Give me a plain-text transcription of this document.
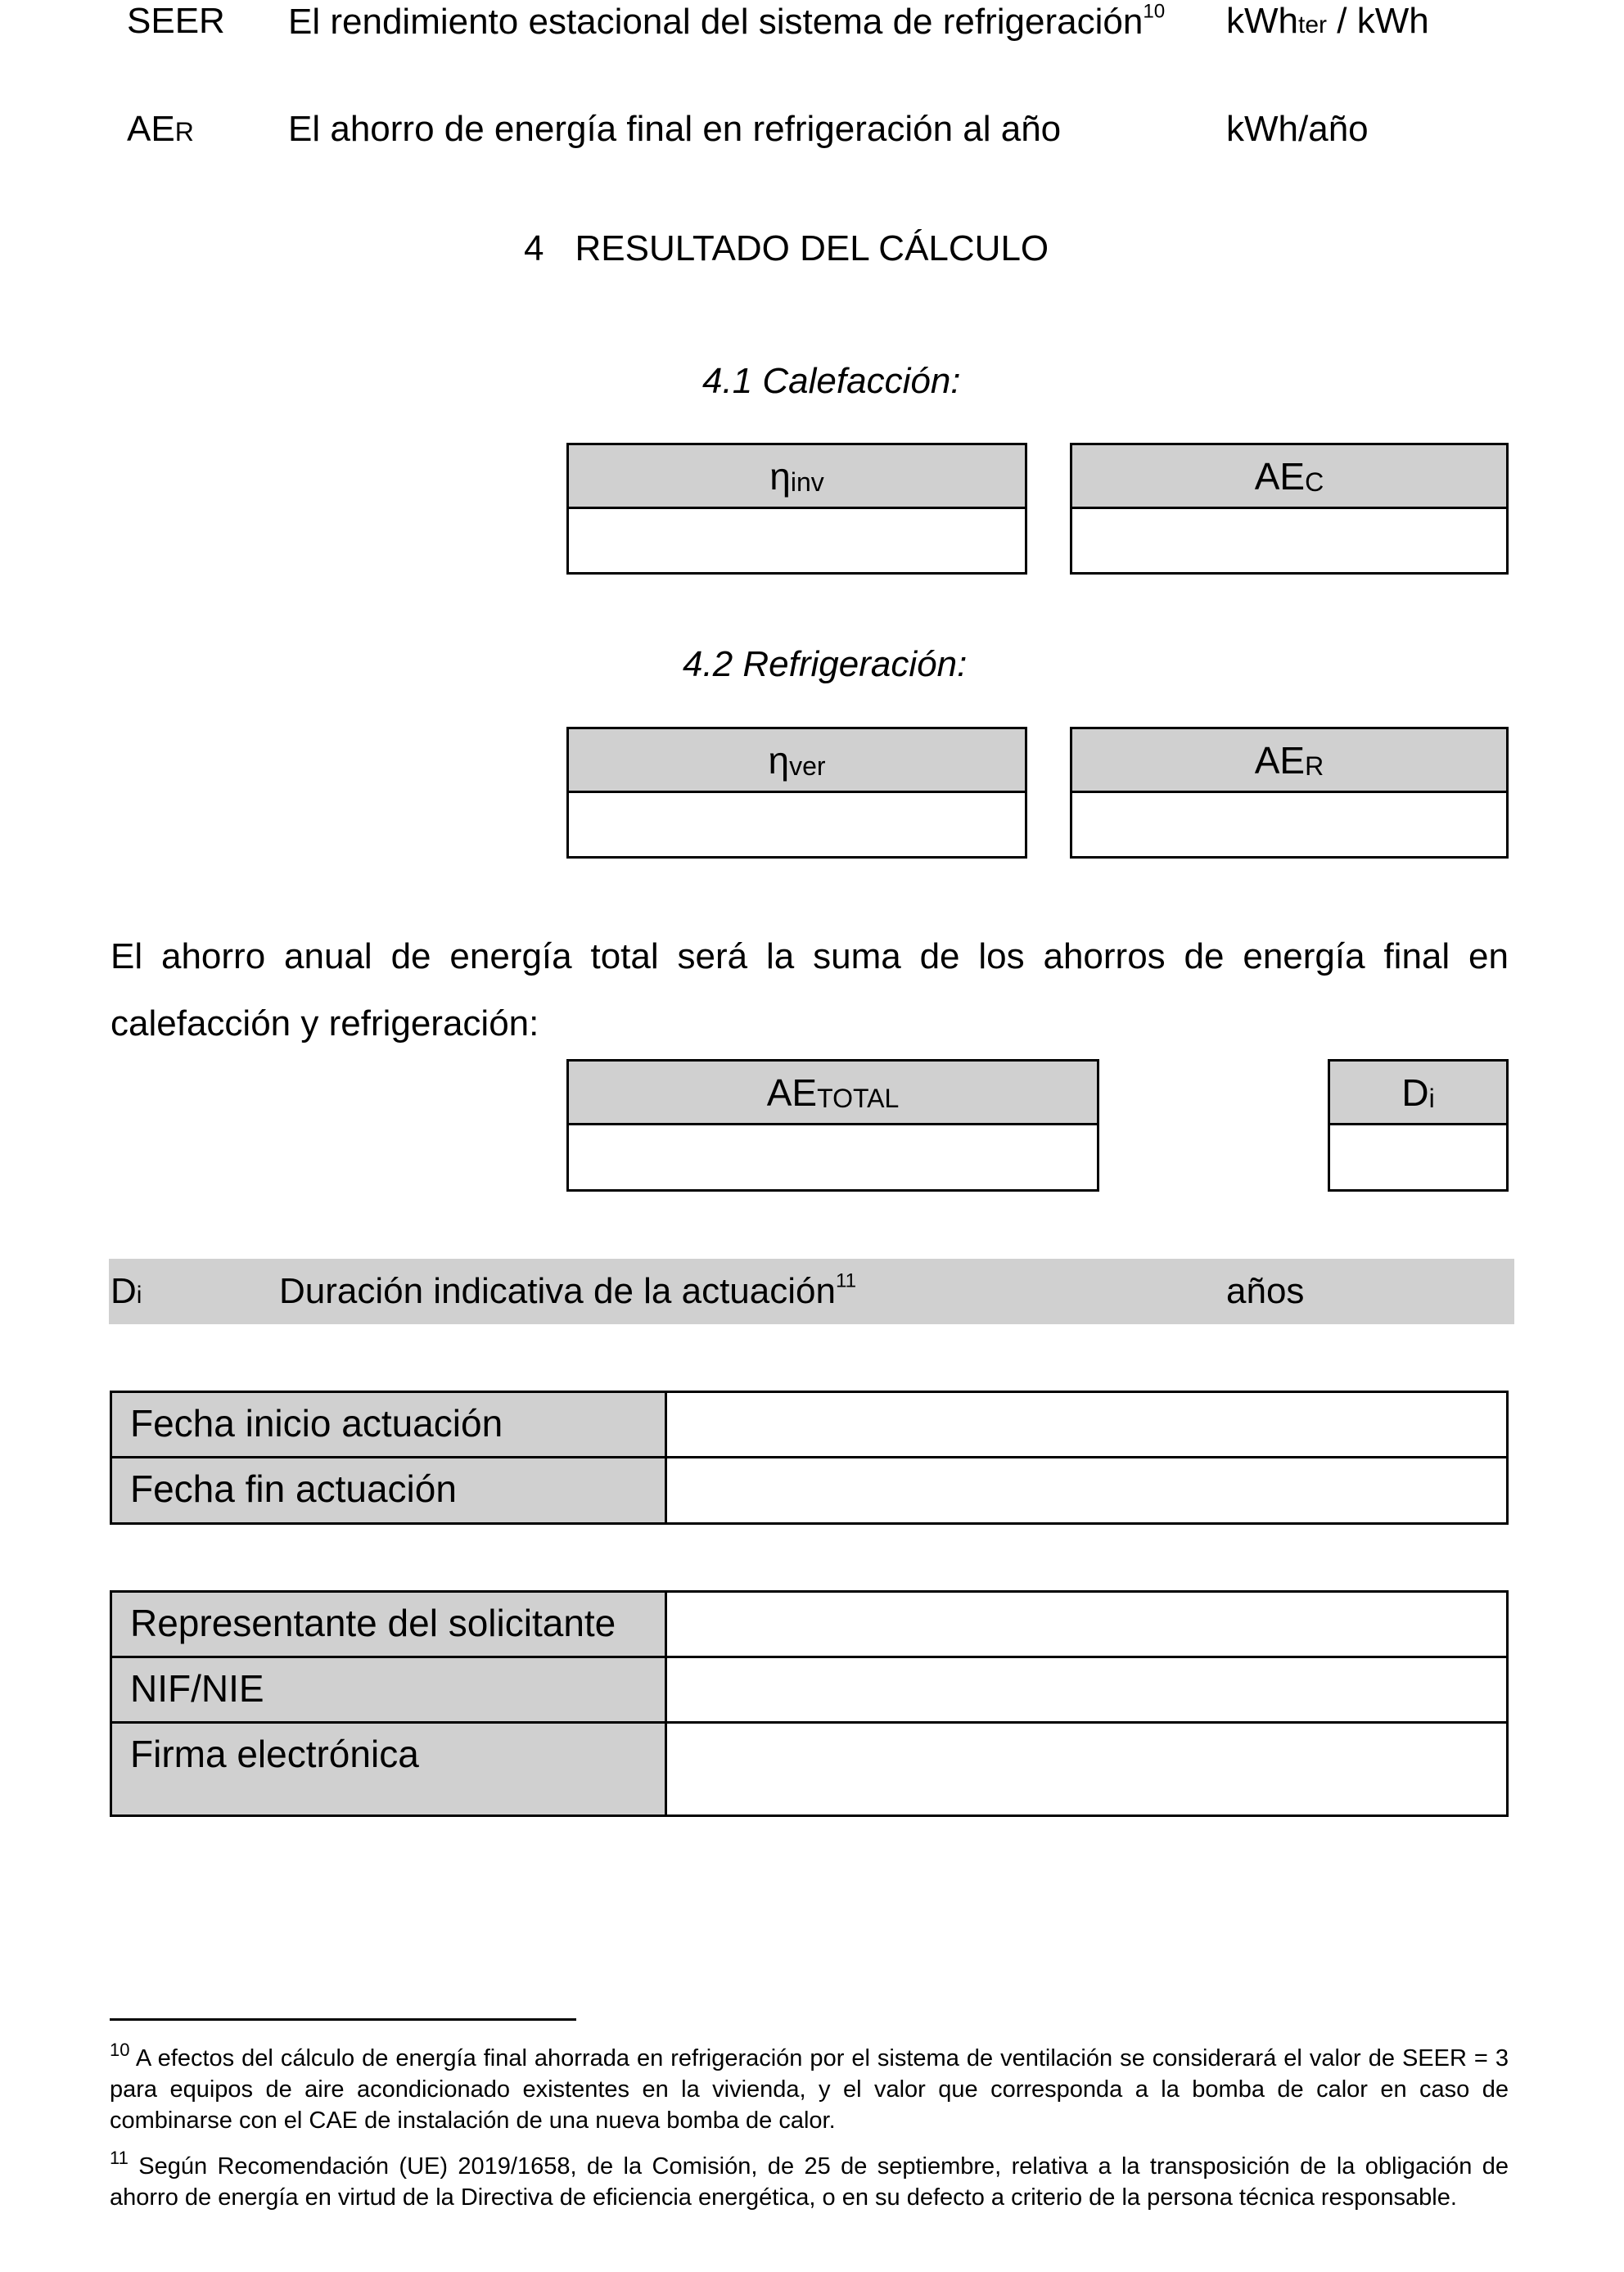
SEER El rendimiento estacional del sistema de refrigeración$^{10}$ kWhter / kWh
AER	El ahorro de energía final en refrigeración al año	kWh/año
4 RESULTADO DEL CÁLCULO
4.1 Calefacción:
η inv	AE C
4.2 Refrigeración:
η ver	AE R
El ahorro anual de energía total será la suma de los ahorros de energía final en calefacción y refrigeración:
AE TOTAL	D i
Di	Duración indicativa de la actuación$^{11}$	años
Fecha inicio actuación
Fecha fin actuación
Representante del solicitante
NIF/NIE
Firma electrónica
$^{10}$ A efectos del cálculo de energía final ahorrada en refrigeración por el sistema de ventilación se considerará el valor de SEER = 3 para equipos de aire acondicionado existentes en la vivienda, y el valor que corresponda a la bomba de calor en caso de combinarse con el CAE de instalación de una nueva bomba de calor.
$^{11}$ Según Recomendación (UE) 2019/1658, de la Comisión, de 25 de septiembre, relativa a la transposición de la obligación de ahorro de energía en virtud de la Directiva de eficiencia energética, o en su defecto a criterio de la persona técnica responsable.
